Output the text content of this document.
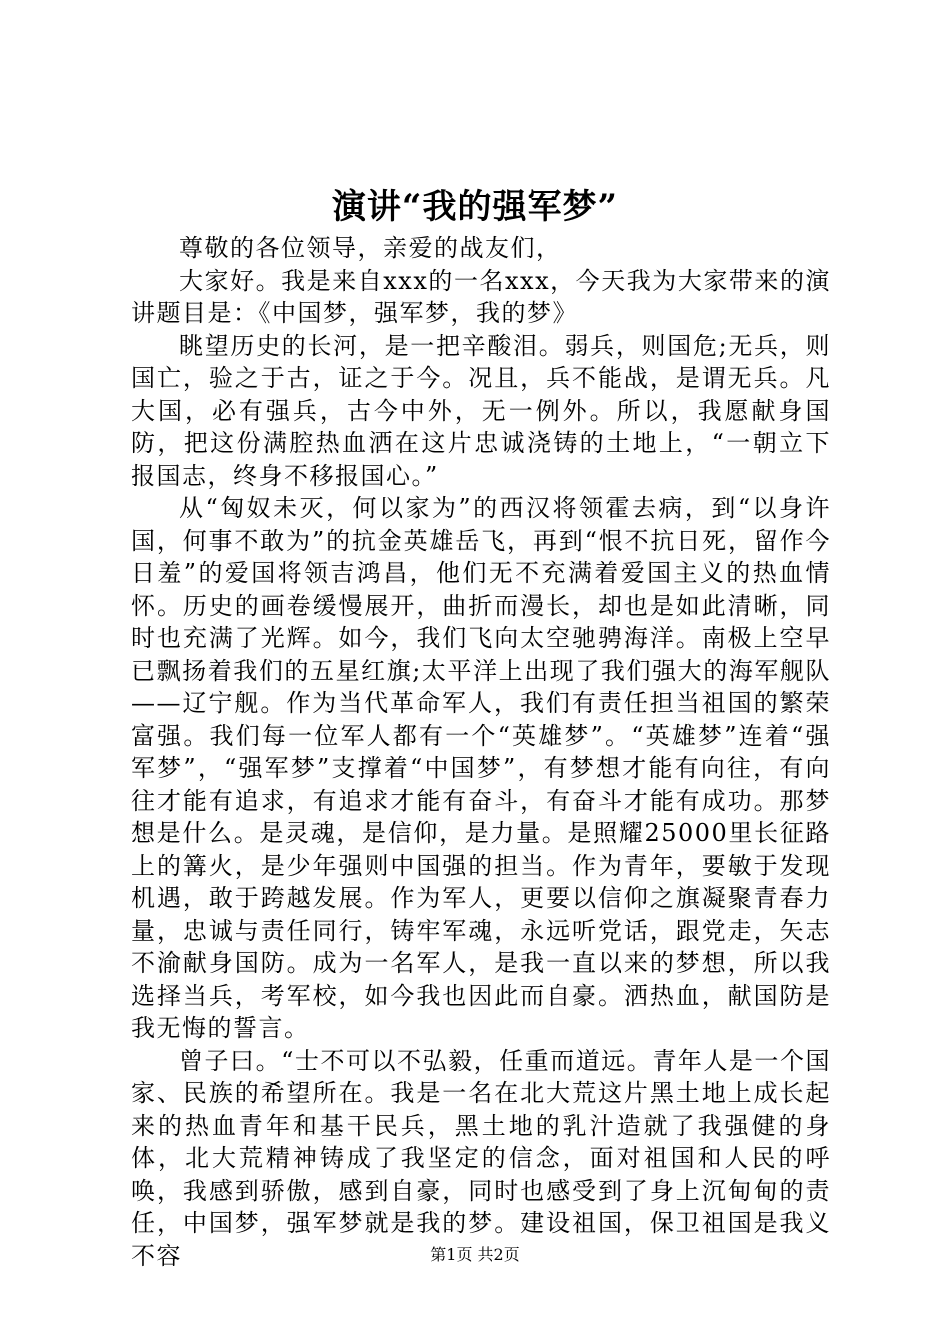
演讲“我的强军梦”

尊敬的各位领导，亲爱的战友们，

大家好。我是来自xxx的一名xxx，今天我为大家带来的演讲题目是：《中国梦，强军梦，我的梦》

眺望历史的长河，是一把辛酸泪。弱兵，则国危;无兵，则国亡，验之于古，证之于今。况且，兵不能战，是谓无兵。凡大国，必有强兵，古今中外，无一例外。所以，我愿献身国防，把这份满腔热血洒在这片忠诚浇铸的土地上，“一朝立下报国志，终身不移报国心。”

从“匈奴未灭，何以家为”的西汉将领霍去病，到“以身许国，何事不敢为”的抗金英雄岳飞，再到“恨不抗日死，留作今日羞”的爱国将领吉鸿昌，他们无不充满着爱国主义的热血情怀。历史的画卷缓慢展开，曲折而漫长，却也是如此清晰，同时也充满了光辉。如今，我们飞向太空驰骋海洋。南极上空早已飘扬着我们的五星红旗;太平洋上出现了我们强大的海军舰队——辽宁舰。作为当代革命军人，我们有责任担当祖国的繁荣富强。我们每一位军人都有一个“英雄梦”。“英雄梦”连着“强军梦”，“强军梦”支撑着“中国梦”，有梦想才能有向往，有向往才能有追求，有追求才能有奋斗，有奋斗才能有成功。那梦想是什么。是灵魂，是信仰，是力量。是照耀25000里长征路上的篝火，是少年强则中国强的担当。作为青年，要敏于发现机遇，敢于跨越发展。作为军人，更要以信仰之旗凝聚青春力量，忠诚与责任同行，铸牢军魂，永远听党话，跟党走，矢志不渝献身国防。成为一名军人，是我一直以来的梦想，所以我选择当兵，考军校，如今我也因此而自豪。洒热血，献国防是我无悔的誓言。

曾子曰。“士不可以不弘毅，任重而道远。青年人是一个国家、民族的希望所在。我是一名在北大荒这片黑土地上成长起来的热血青年和基干民兵，黑土地的乳汁造就了我强健的身体，北大荒精神铸成了我坚定的信念，面对祖国和人民的呼唤，我感到骄傲，感到自豪，同时也感受到了身上沉甸甸的责任，中国梦，强军梦就是我的梦。建设祖国，保卫祖国是我义不容	第1页 共2页
